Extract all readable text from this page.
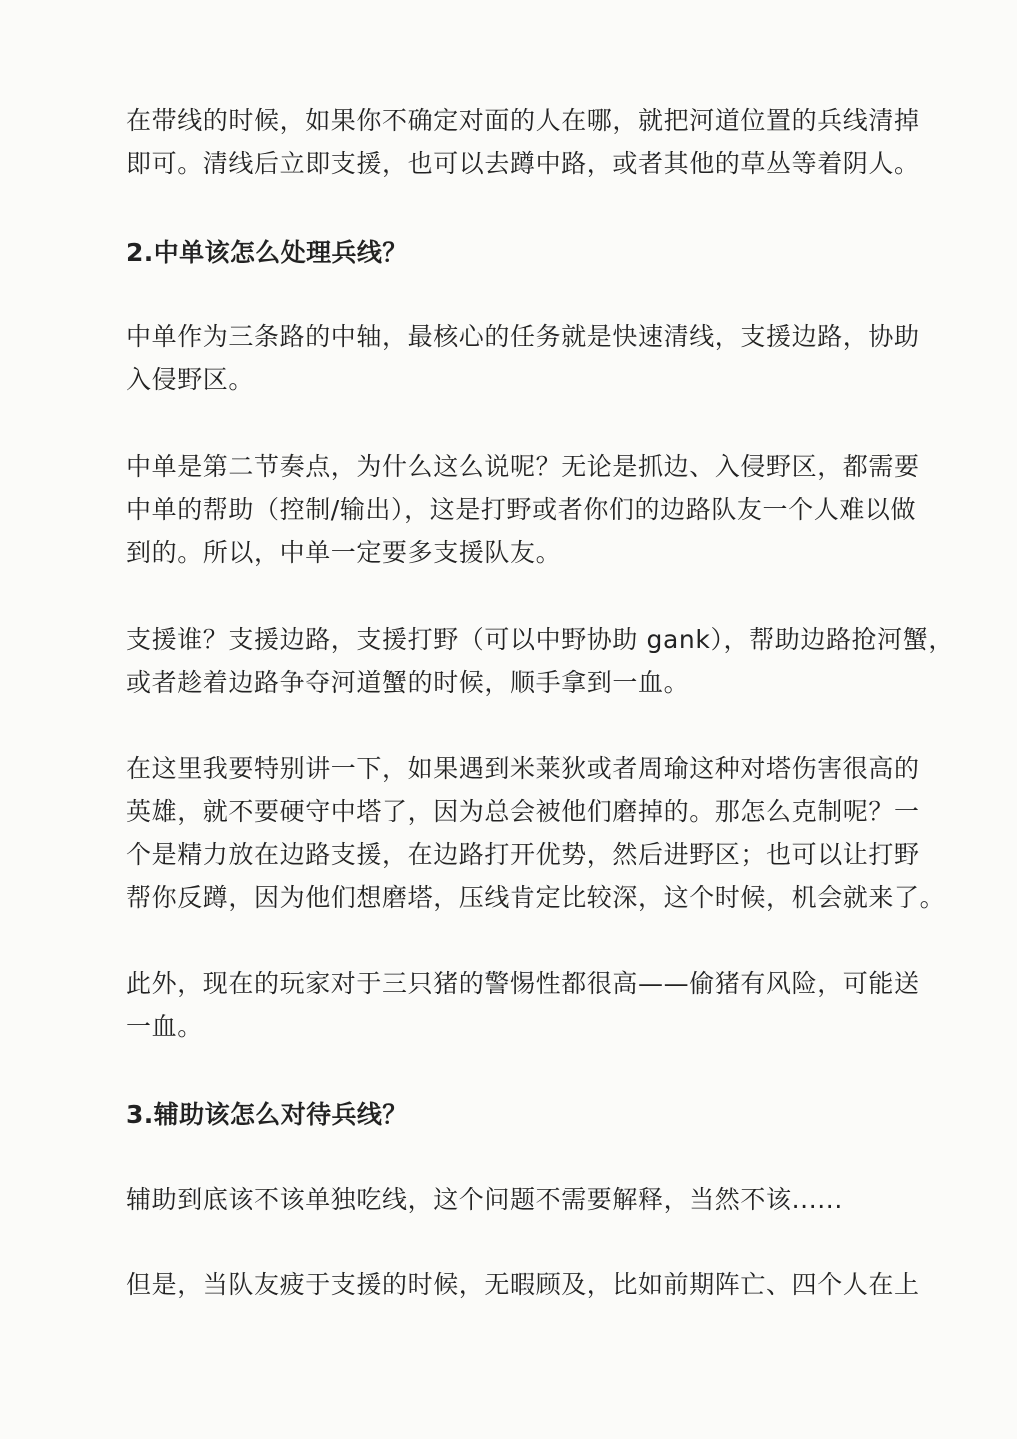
在带线的时候，如果你不确定对面的人在哪，就把河道位置的兵线清掉
即可。清线后立即支援，也可以去蹲中路，或者其他的草丛等着阴人。

2.中单该怎么处理兵线？

中单作为三条路的中轴，最核心的任务就是快速清线，支援边路，协助
入侵野区。

中单是第二节奏点，为什么这么说呢？无论是抓边、入侵野区，都需要
中单的帮助（控制/输出），这是打野或者你们的边路队友一个人难以做
到的。所以，中单一定要多支援队友。

支援谁？支援边路，支援打野（可以中野协助 gank），帮助边路抢河蟹，
或者趁着边路争夺河道蟹的时候，顺手拿到一血。

在这里我要特别讲一下，如果遇到米莱狄或者周瑜这种对塔伤害很高的
英雄，就不要硬守中塔了，因为总会被他们磨掉的。那怎么克制呢？一
个是精力放在边路支援，在边路打开优势，然后进野区；也可以让打野
帮你反蹲，因为他们想磨塔，压线肯定比较深，这个时候，机会就来了。

此外，现在的玩家对于三只猪的警惕性都很高——偷猪有风险，可能送
一血。

3.辅助该怎么对待兵线？

辅助到底该不该单独吃线，这个问题不需要解释，当然不该......

但是，当队友疲于支援的时候，无暇顾及，比如前期阵亡、四个人在上
